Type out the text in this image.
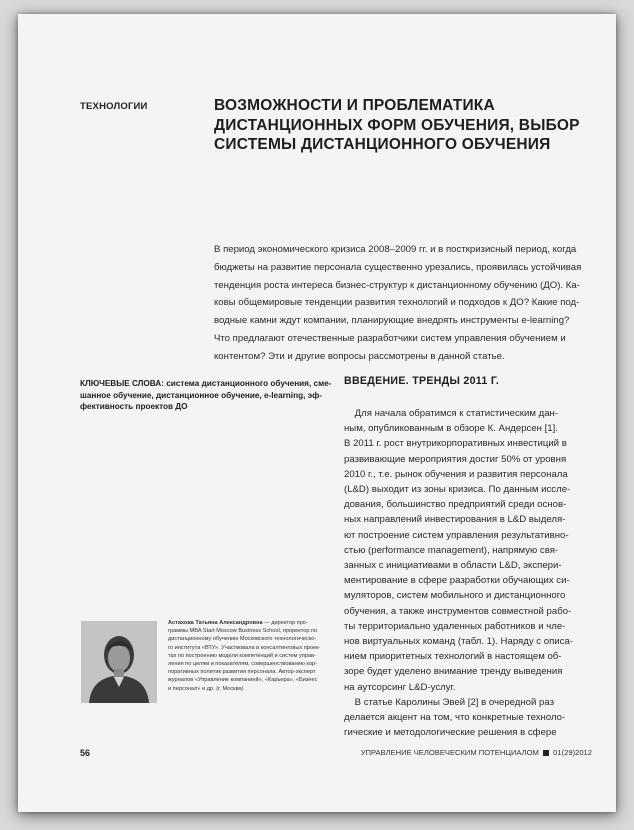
ТЕХНОЛОГИИ	ВОЗМОЖНОСТИ И ПРОБЛЕМАТИКА
ДИСТАНЦИОННЫХ ФОРМ ОБУЧЕНИЯ, ВЫБОР
СИСТЕМЫ ДИСТАНЦИОННОГО ОБУЧЕНИЯ
В период экономического кризиса 2008–2009 гг. и в посткризисный период, когда
бюджеты на развитие персонала существенно урезались, проявилась устойчивая
тенденция роста интереса бизнес-структур к дистанционному обучению (ДО). Ка-
ковы общемировые тенденции развития технологий и подходов к ДО? Какие под-
водные камни ждут компании, планирующие внедрять инструменты e-learning?
Что предлагают отечественные разработчики систем управления обучением и
контентом? Эти и другие вопросы рассмотрены в данной статье.
КЛЮЧЕВЫЕ СЛОВА: система дистанционного обучения, сме-
шанное обучение, дистанционное обучение, e-learning, эф-
фективность проектов ДО
ВВЕДЕНИЕ. ТРЕНДЫ 2011 Г.
Для начала обратимся к статистическим дан-
ным, опубликованным в обзоре К. Андерсен [1].
В 2011 г. рост внутрикорпоративных инвестиций в
развивающие мероприятия достиг 50% от уровня
2010 г., т.е. рынок обучения и развития персонала
(L&D) выходит из зоны кризиса. По данным иссле-
дования, большинство предприятий среди основ-
ных направлений инвестирования в L&D выделя-
ют построение систем управления результативно-
стью (performance management), напрямую свя-
занных с инициативами в области L&D, экспери-
ментирование в сфере разработки обучающих си-
муляторов, систем мобильного и дистанционного
обучения, а также инструментов совместной рабо-
ты территориально удаленных работников и чле-
нов виртуальных команд (табл. 1). Наряду с описа-
нием приоритетных технологий в настоящем об-
зоре будет уделено внимание тренду выведения
на аутсорсинг L&D-услуг.
В статье Каролины Эвей [2] в очередной раз
делается акцент на том, что конкретные техноло-
гические и методологические решения в сфере
Астахова Татьяна Александровна — директор про-
граммы MBA Start Moscow Business School, проректор по
дистанционному обучению Московского технологическо-
го института «ВТУ». Участвовала в консалтинговых проек-
тах по построению модели компетенций и систем управ-
ления по целям и показателям, совершенствованию кор-
поративных политик развития персонала. Автор-эксперт
журналов «Управление компанией», «Карьера», «Бизнес
и персонал» и др. (г. Москва)
56	УПРАВЛЕНИЕ ЧЕЛОВЕЧЕСКИМ ПОТЕНЦИАЛОМ 01(29)2012
